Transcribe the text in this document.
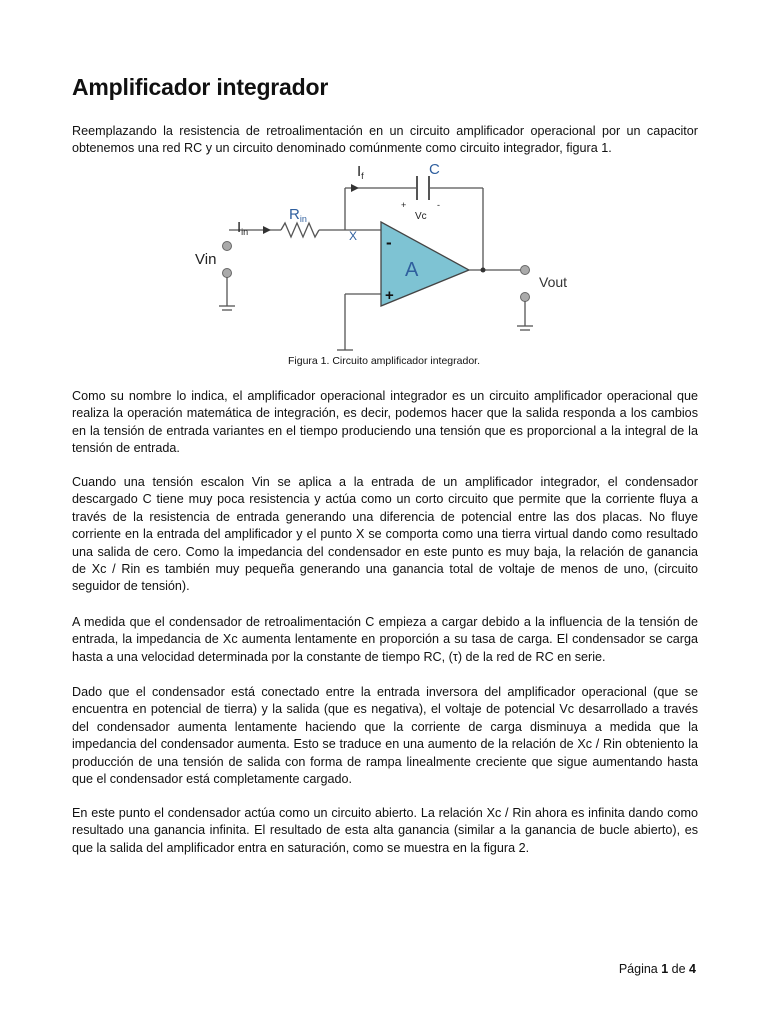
Amplificador integrador

Reemplazando la resistencia de retroalimentación en un circuito amplificador operacional por un capacitor obtenemos una red RC y un circuito denominado comúnmente como circuito integrador, figura 1.

$I_f$	C
+	-
Vc
$I_{in}$
$R_{in}$
X
Vin
-
+
A
Vout

Figura 1. Circuito amplificador integrador.

Como su nombre lo indica, el amplificador operacional integrador es un circuito amplificador operacional que realiza la operación matemática de integración, es decir, podemos hacer que la salida responda a los cambios en la tensión de entrada variantes en el tiempo produciendo una tensión que es proporcional a la integral de la tensión de entrada.

Cuando una tensión escalon Vin se aplica a la entrada de un amplificador integrador, el condensador descargado C tiene muy poca resistencia y actúa como un corto circuito que permite que la corriente fluya a través de la resistencia de entrada generando una diferencia de potencial entre las dos placas. No fluye corriente en la entrada del amplificador y el punto X se comporta como una tierra virtual dando como resultado una salida de cero. Como la impedancia del condensador en este punto es muy baja, la relación de ganancia de Xc / Rin es también muy pequeña generando una ganancia total de voltaje de menos de uno, (circuito seguidor de tensión).

A medida que el condensador de retroalimentación C empieza a cargar debido a la influencia de la tensión de entrada, la impedancia de Xc aumenta lentamente en proporción a su tasa de carga. El condensador se carga hasta a una velocidad determinada por la constante de tiempo RC, (τ) de la red de RC en serie.

Dado que el condensador está conectado entre la entrada inversora del amplificador operacional (que se encuentra en potencial de tierra) y la salida (que es negativa), el voltaje de potencial Vc desarrollado a través del condensador aumenta lentamente haciendo que la corriente de carga disminuya a medida que la impedancia del condensador aumenta. Esto se traduce en una aumento de la relación de Xc / Rin obteniento la producción de una tensión de salida con forma de rampa linealmente creciente que sigue aumentando hasta que el condensador está completamente cargado.

En este punto el condensador actúa como un circuito abierto. La relación Xc / Rin ahora es infinita dando como resultado una ganancia infinita. El resultado de esta alta ganancia (similar a la ganancia de bucle abierto), es que la salida del amplificador entra en saturación, como se muestra en la figura 2.

Página 1 de 4
